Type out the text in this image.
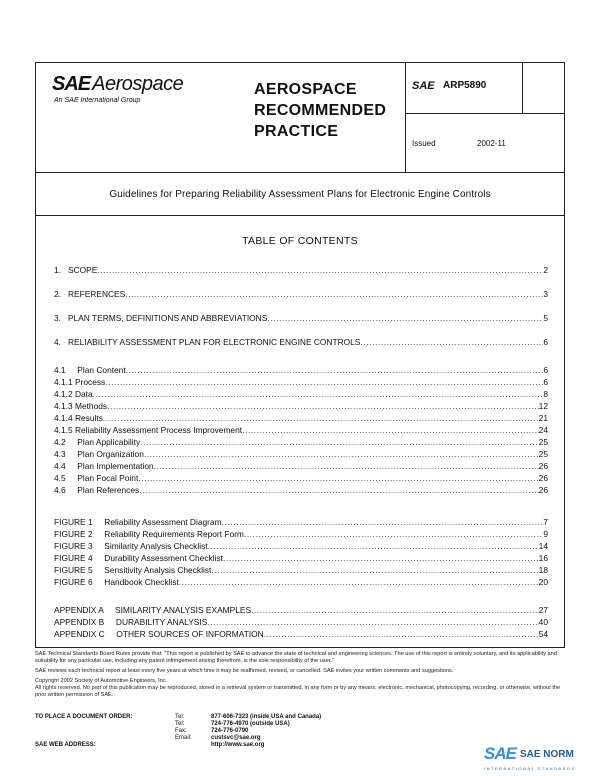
SAE Aerospace
An SAE International Group
AEROSPACE
RECOMMENDED
PRACTICE
SAE ARP5890
Issued	2002-11
Guidelines for Preparing Reliability Assessment Plans for Electronic Engine Controls
TABLE OF CONTENTS
1. SCOPE .....	2
2. REFERENCES .....	3
3. PLAN TERMS, DEFINITIONS AND ABBREVIATIONS .....	5
4. RELIABILITY ASSESSMENT PLAN FOR ELECTRONIC ENGINE CONTROLS .....	6
4.1 Plan Content .....	6
4.1.1 Process .....	6
4.1.2 Data .....	8
4.1.3 Methods .....	12
4.1.4 Results .....	21
4.1.5 Reliability Assessment Process Improvement .....	24
4.2 Plan Applicability .....	25
4.3 Plan Organization .....	25
4.4 Plan Implementation .....	26
4.5 Plan Focal Point .....	26
4.6 Plan References .....	26
FIGURE 1 Reliability Assessment Diagram .....	7
FIGURE 2 Reliability Requirements Report Form .....	9
FIGURE 3 Similarity Analysis Checklist .....	14
FIGURE 4 Durability Assessment Checklist .....	16
FIGURE 5 Sensitivity Analysis Checklist .....	18
FIGURE 6 Handbook Checklist .....	20
APPENDIX A SIMILARITY ANALYSIS EXAMPLES .....	27
APPENDIX B DURABILITY ANALYSIS .....	40
APPENDIX C OTHER SOURCES OF INFORMATION .....	54

SAE Technical Standards Board Rules provide that: "This report is published by SAE to advance the state of technical and engineering sciences. The use of this report is entirely voluntary, and its applicability and suitability for any particular use, including any patent infringement arising therefrom, is the sole responsibility of the user."

SAE reviews each technical report at least every five years at which time it may be reaffirmed, revised, or cancelled. SAE invites your written comments and suggestions.

Copyright 2002 Society of Automotive Engineers, Inc.

All rights reserved. No part of this publication may be reproduced, stored in a retrieval system or transmitted, in any form or by any means, electronic, mechanical, photocopying, recording, or otherwise, without the prior written permission of SAE.

TO PLACE A DOCUMENT ORDER:	Tel:	877-606-7323 (inside USA and Canada)
Tel:	724-776-4970 (outside USA)
Fax:	724-776-0790
Email:	custsvc@sae.org
SAE WEB ADDRESS:	http://www.sae.org	SAE SAE NORM
INTERNATIONAL STANDARDS
